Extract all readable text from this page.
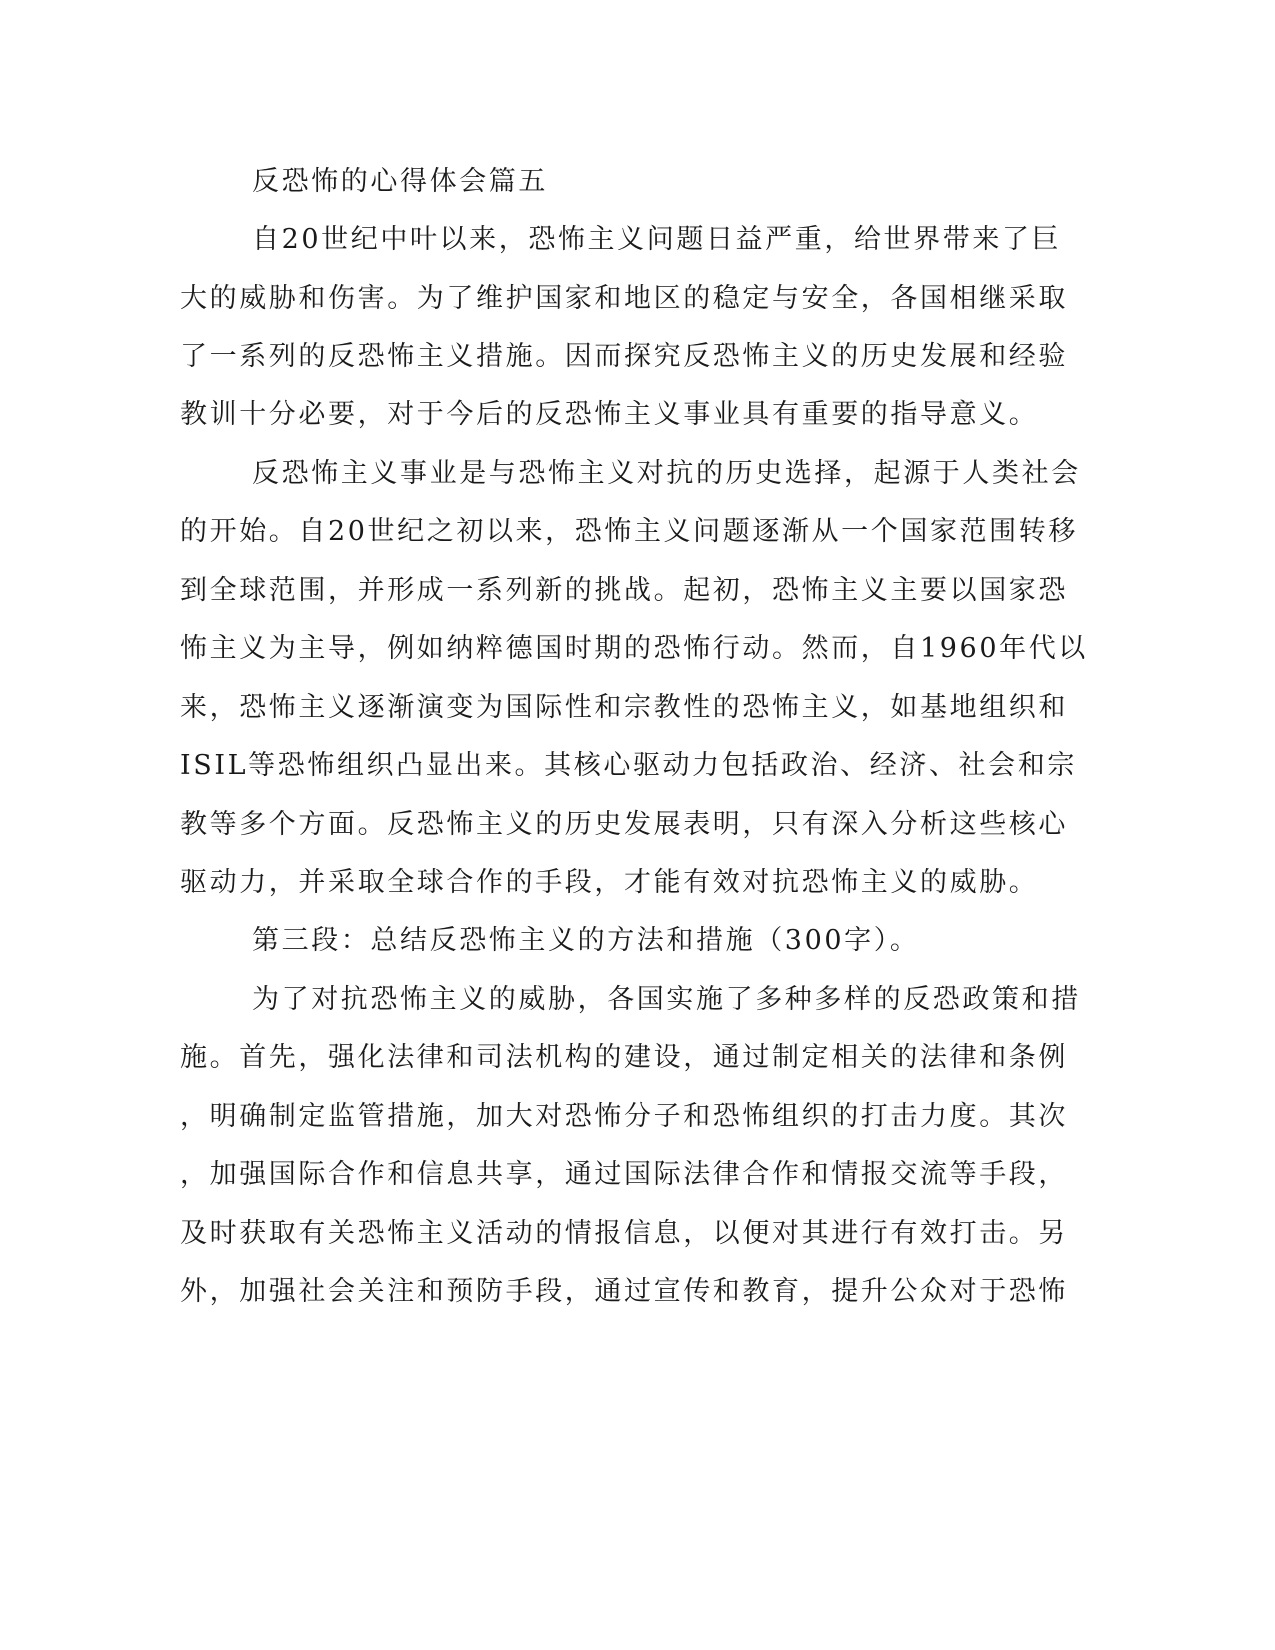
反恐怖的心得体会篇五
自20世纪中叶以来，恐怖主义问题日益严重，给世界带来了巨
大的威胁和伤害。为了维护国家和地区的稳定与安全，各国相继采取
了一系列的反恐怖主义措施。因而探究反恐怖主义的历史发展和经验
教训十分必要，对于今后的反恐怖主义事业具有重要的指导意义。
反恐怖主义事业是与恐怖主义对抗的历史选择，起源于人类社会
的开始。自20世纪之初以来，恐怖主义问题逐渐从一个国家范围转移
到全球范围，并形成一系列新的挑战。起初，恐怖主义主要以国家恐
怖主义为主导，例如纳粹德国时期的恐怖行动。然而，自1960年代以
来，恐怖主义逐渐演变为国际性和宗教性的恐怖主义，如基地组织和
ISIL等恐怖组织凸显出来。其核心驱动力包括政治、经济、社会和宗
教等多个方面。反恐怖主义的历史发展表明，只有深入分析这些核心
驱动力，并采取全球合作的手段，才能有效对抗恐怖主义的威胁。
第三段：总结反恐怖主义的方法和措施（300字）。
为了对抗恐怖主义的威胁，各国实施了多种多样的反恐政策和措
施。首先，强化法律和司法机构的建设，通过制定相关的法律和条例
，明确制定监管措施，加大对恐怖分子和恐怖组织的打击力度。其次
，加强国际合作和信息共享，通过国际法律合作和情报交流等手段，
及时获取有关恐怖主义活动的情报信息，以便对其进行有效打击。另
外，加强社会关注和预防手段，通过宣传和教育，提升公众对于恐怖
